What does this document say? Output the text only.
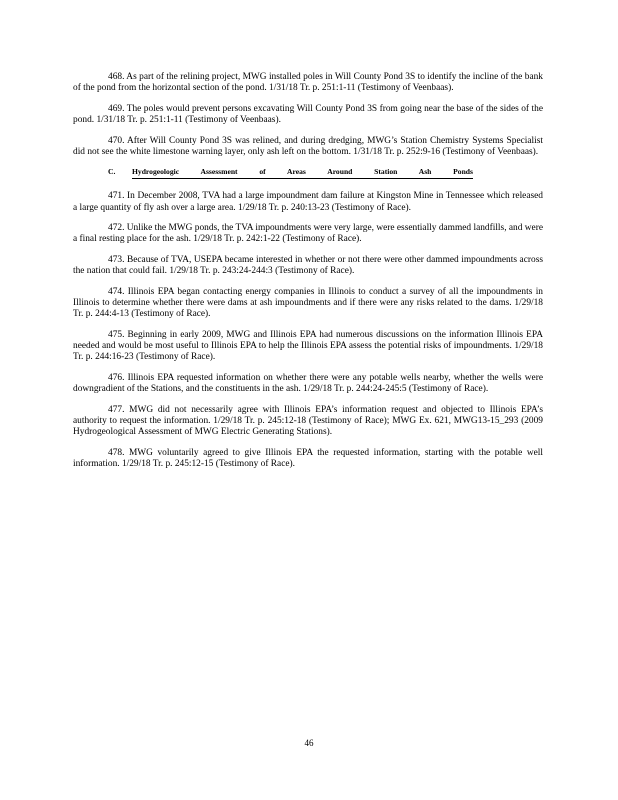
468. As part of the relining project, MWG installed poles in Will County Pond 3S to identify the incline of the bank of the pond from the horizontal section of the pond. 1/31/18 Tr. p. 251:1-11 (Testimony of Veenbaas).

469. The poles would prevent persons excavating Will County Pond 3S from going near the base of the sides of the pond. 1/31/18 Tr. p. 251:1-11 (Testimony of Veenbaas).

470. After Will County Pond 3S was relined, and during dredging, MWG’s Station Chemistry Systems Specialist did not see the white limestone warning layer, only ash left on the bottom. 1/31/18 Tr. p. 252:9-16 (Testimony of Veenbaas).

C. Hydrogeologic Assessment of Areas Around Station Ash Ponds

471. In December 2008, TVA had a large impoundment dam failure at Kingston Mine in Tennessee which released a large quantity of fly ash over a large area. 1/29/18 Tr. p. 240:13-23 (Testimony of Race).

472. Unlike the MWG ponds, the TVA impoundments were very large, were essentially dammed landfills, and were a final resting place for the ash. 1/29/18 Tr. p. 242:1-22 (Testimony of Race).

473. Because of TVA, USEPA became interested in whether or not there were other dammed impoundments across the nation that could fail. 1/29/18 Tr. p. 243:24-244:3 (Testimony of Race).

474. Illinois EPA began contacting energy companies in Illinois to conduct a survey of all the impoundments in Illinois to determine whether there were dams at ash impoundments and if there were any risks related to the dams. 1/29/18 Tr. p. 244:4-13 (Testimony of Race).

475. Beginning in early 2009, MWG and Illinois EPA had numerous discussions on the information Illinois EPA needed and would be most useful to Illinois EPA to help the Illinois EPA assess the potential risks of impoundments. 1/29/18 Tr. p. 244:16-23 (Testimony of Race).

476. Illinois EPA requested information on whether there were any potable wells nearby, whether the wells were downgradient of the Stations, and the constituents in the ash. 1/29/18 Tr. p. 244:24-245:5 (Testimony of Race).

477. MWG did not necessarily agree with Illinois EPA’s information request and objected to Illinois EPA’s authority to request the information. 1/29/18 Tr. p. 245:12-18 (Testimony of Race); MWG Ex. 621, MWG13-15_293 (2009 Hydrogeological Assessment of MWG Electric Generating Stations).

478. MWG voluntarily agreed to give Illinois EPA the requested information, starting with the potable well information. 1/29/18 Tr. p. 245:12-15 (Testimony of Race).

46
